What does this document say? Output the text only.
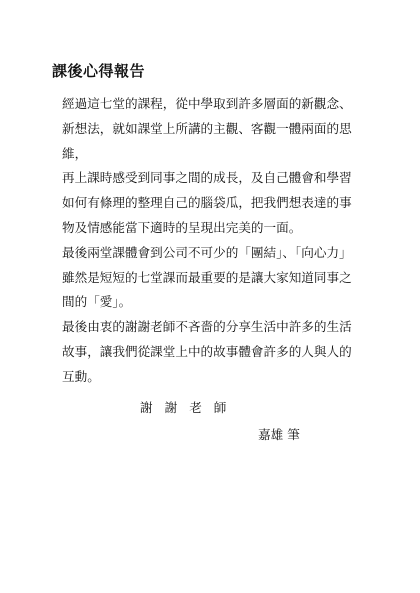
課後心得報告

經過這七堂的課程，從中學取到許多層面的新觀念、
新想法，就如課堂上所講的主觀、客觀一體兩面的思
維，

再上課時感受到同事之間的成長，及自己體會和學習
如何有條理的整理自己的腦袋瓜，把我們想表達的事
物及情感能當下適時的呈現出完美的一面。

最後兩堂課體會到公司不可少的「團結」、「向心力」
雖然是短短的七堂課而最重要的是讓大家知道同事之
間的「愛」。

最後由衷的謝謝老師不吝嗇的分享生活中許多的生活
故事，讓我們從課堂上中的故事體會許多的人與人的
互動。

謝謝老師
嘉雄 筆
